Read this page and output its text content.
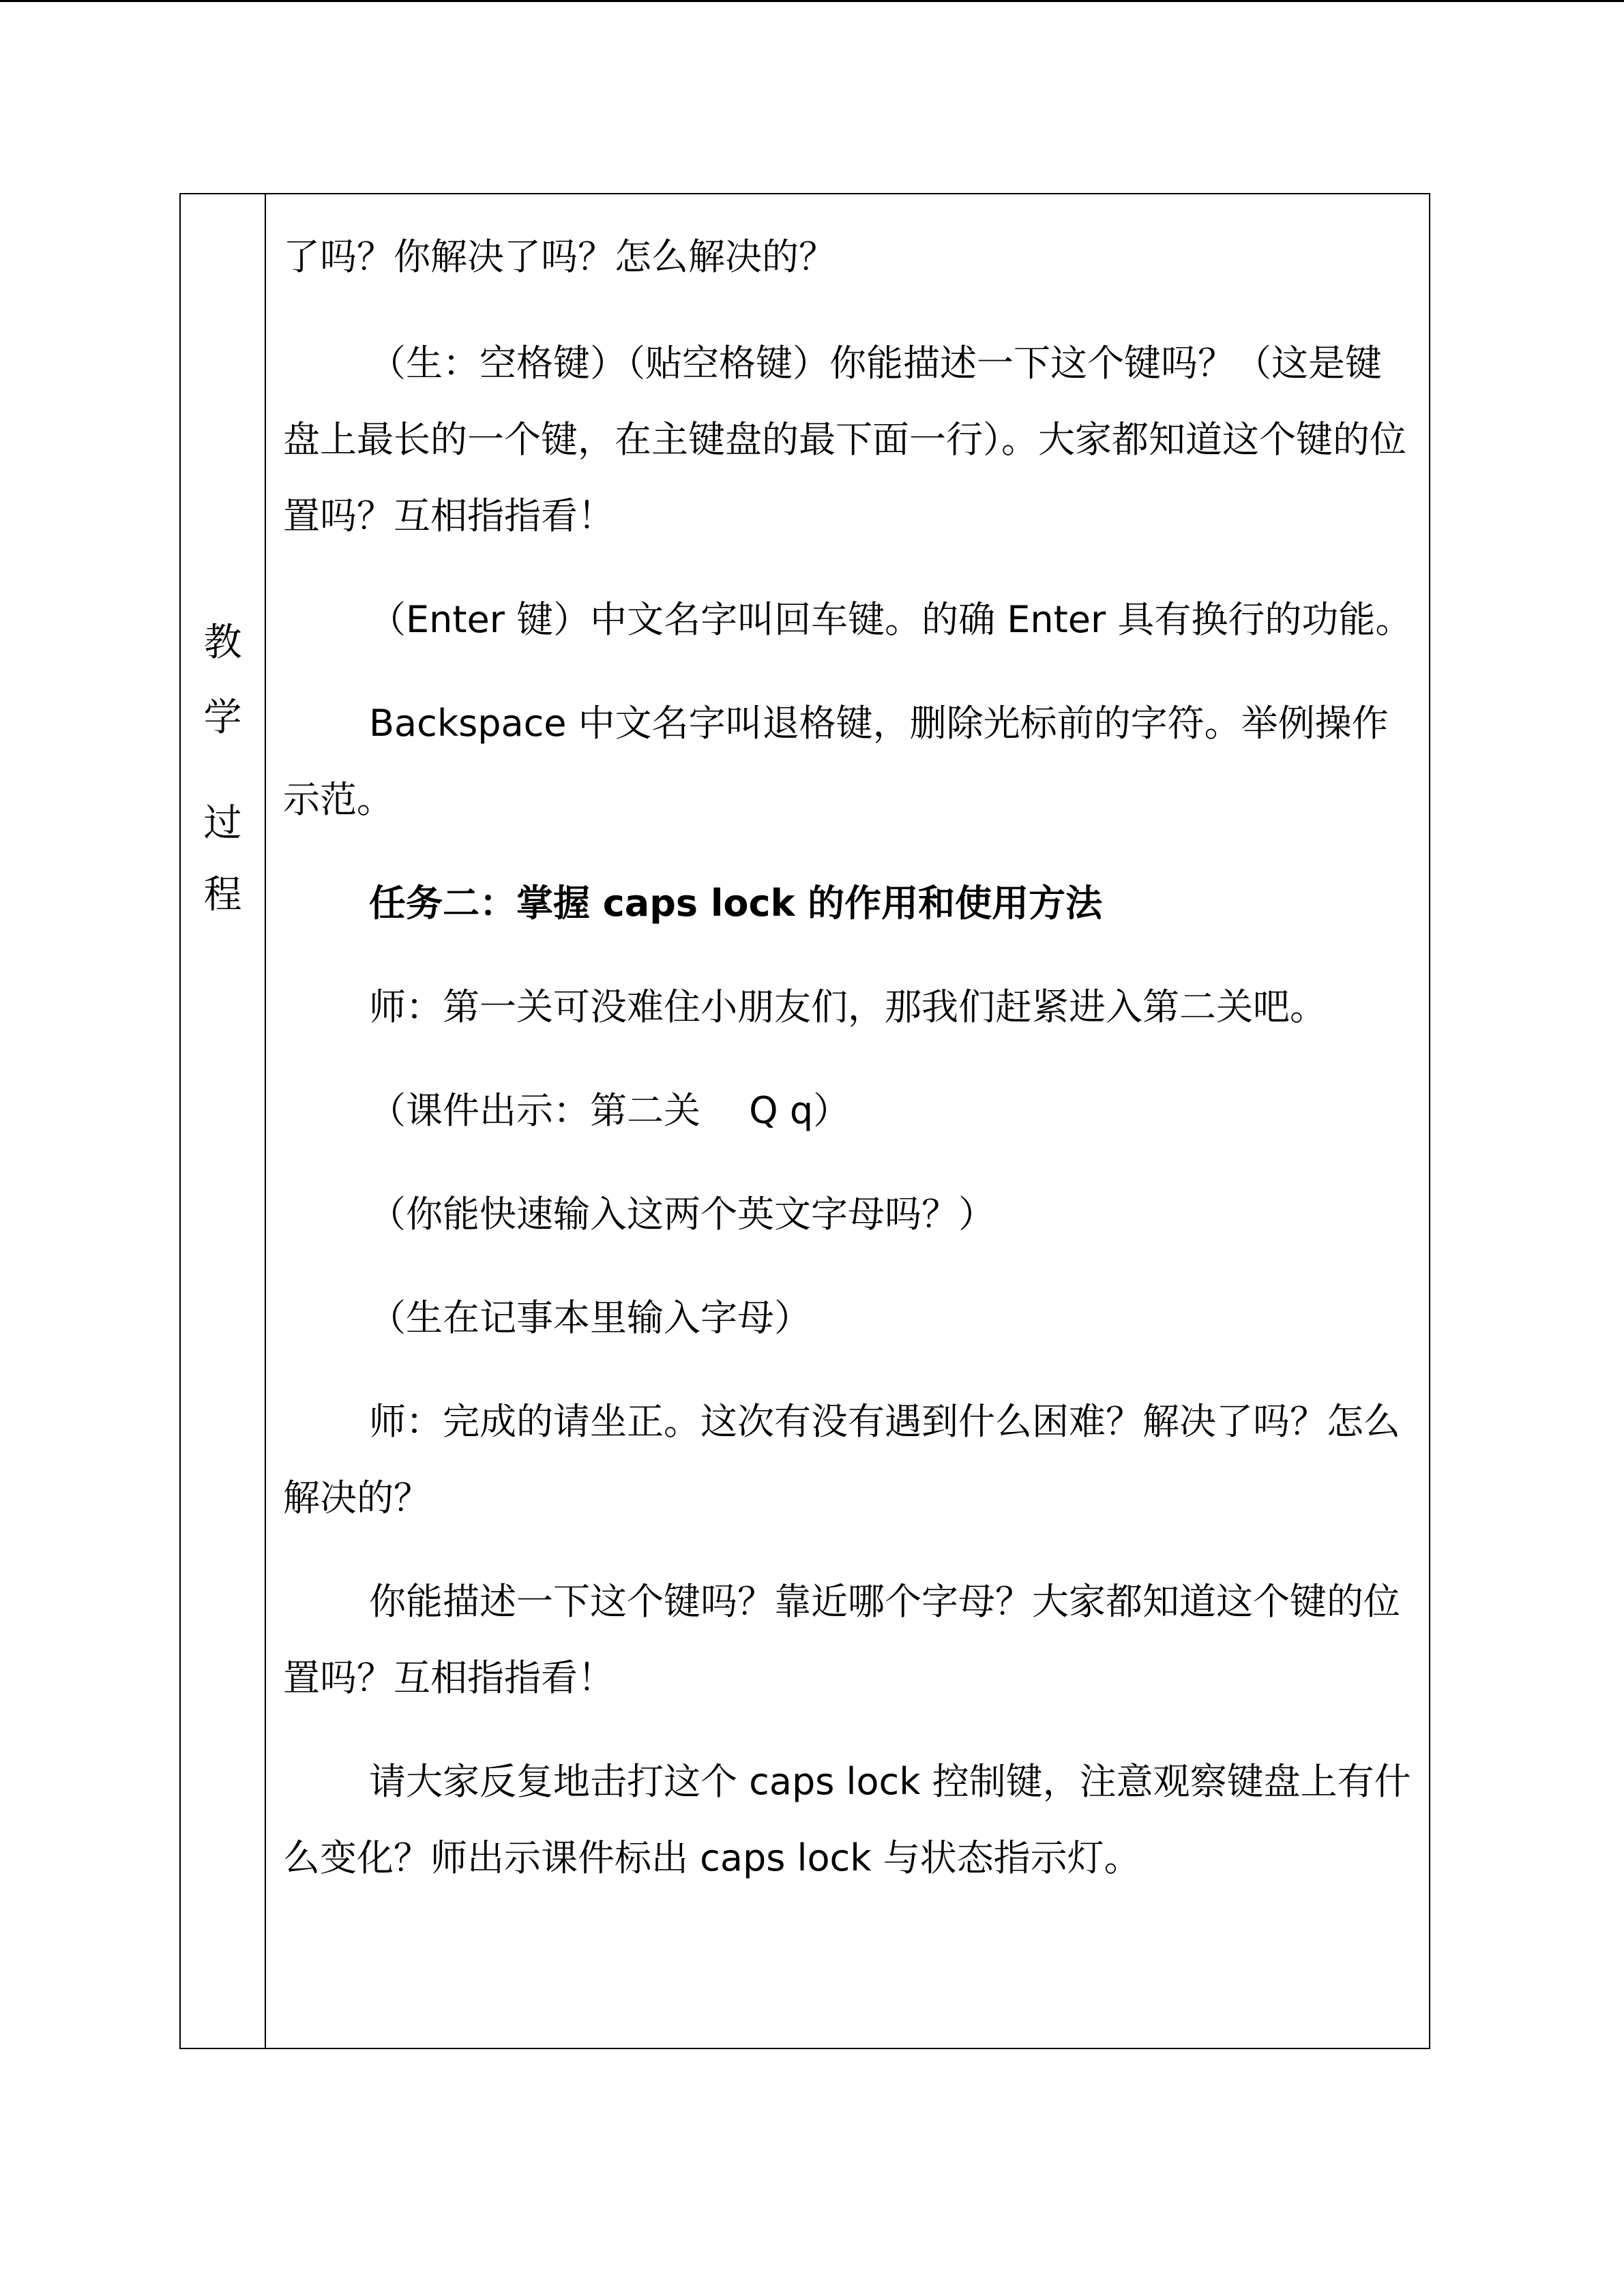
教
学
过
程

了吗？你解决了吗？怎么解决的？

（生：空格键）（贴空格键）你能描述一下这个键吗？（这是键盘上最长的一个键，在主键盘的最下面一行）。大家都知道这个键的位置吗？互相指指看！

（Enter 键）中文名字叫回车键。的确 Enter 具有换行的功能。

Backspace 中文名字叫退格键，删除光标前的字符。举例操作示范。

任务二：掌握 caps lock 的作用和使用方法

师：第一关可没难住小朋友们，那我们赶紧进入第二关吧。

（课件出示：第二关　 Q q）

（你能快速输入这两个英文字母吗？）

（生在记事本里输入字母）

师：完成的请坐正。这次有没有遇到什么困难？解决了吗？怎么解决的？

你能描述一下这个键吗？靠近哪个字母？大家都知道这个键的位置吗？互相指指看！

请大家反复地击打这个 caps lock 控制键，注意观察键盘上有什么变化？师出示课件标出 caps lock 与状态指示灯。
